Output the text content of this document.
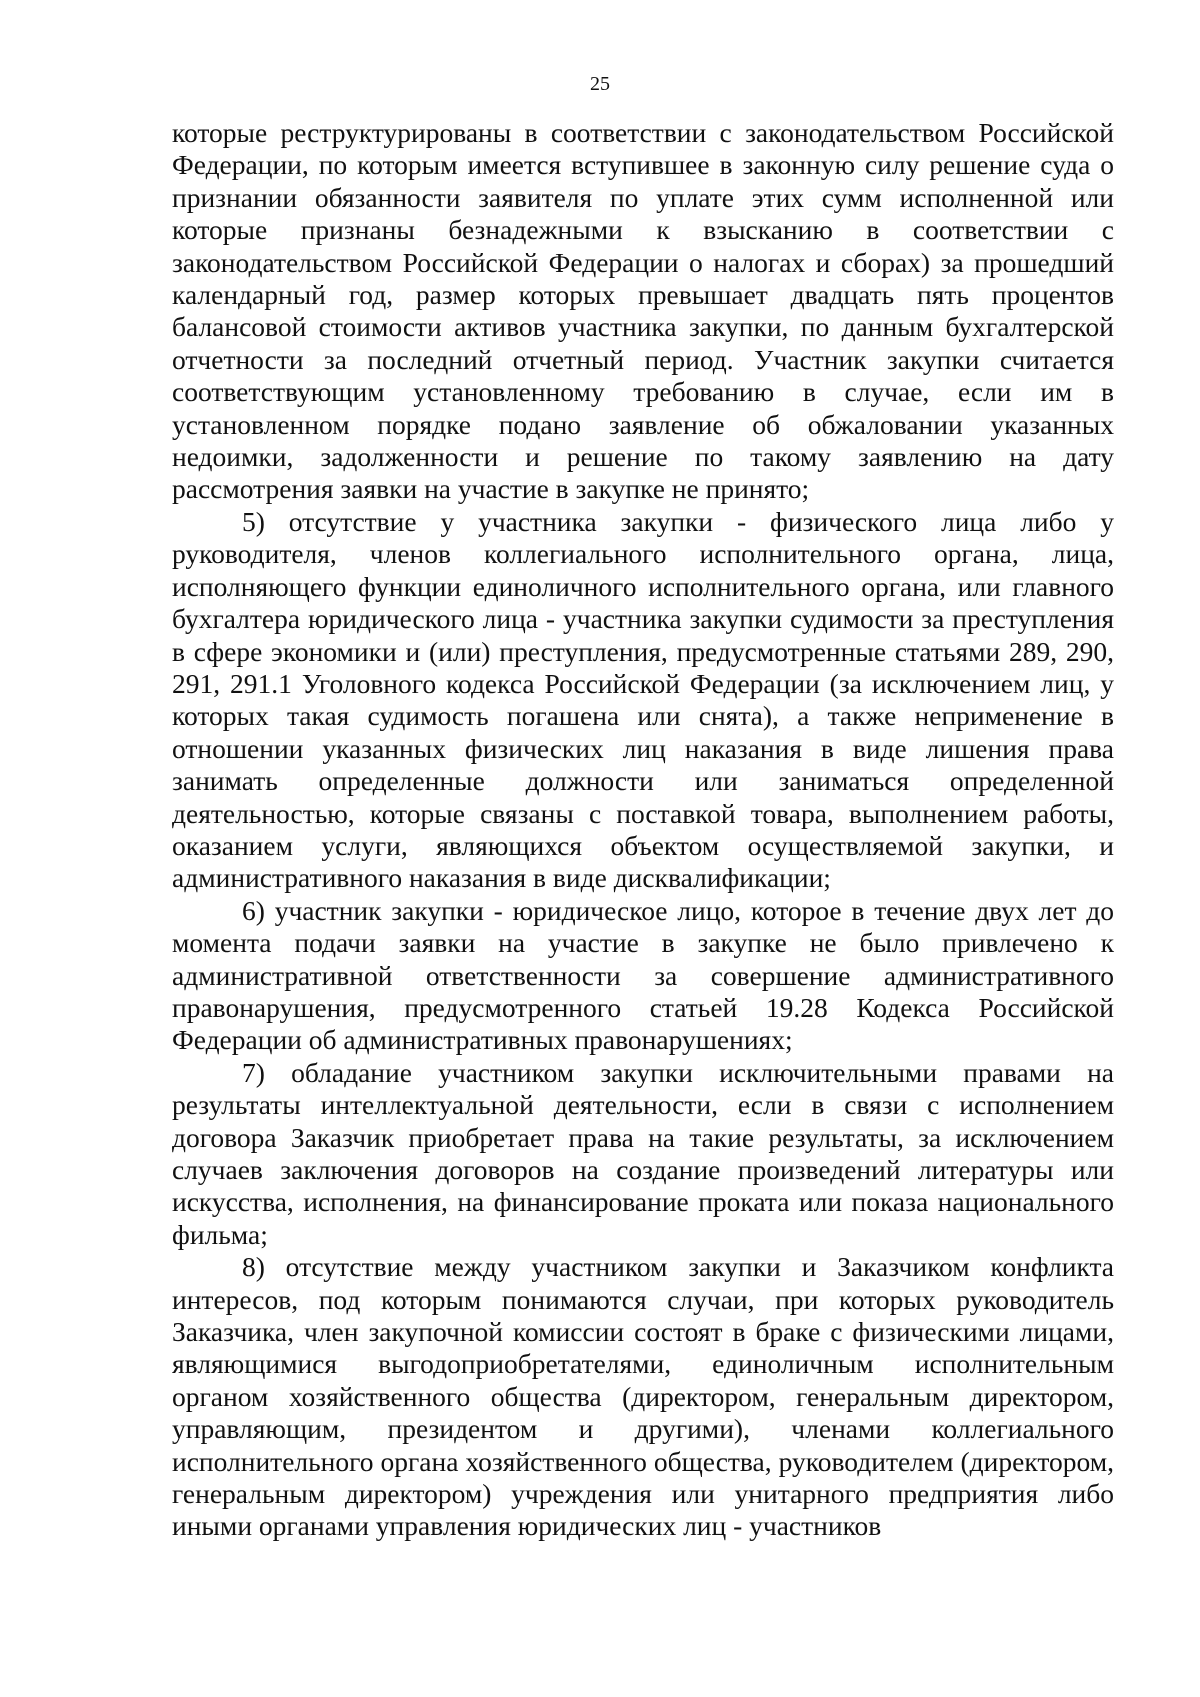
25

которые реструктурированы в соответствии с законодательством Российской Федерации, по которым имеется вступившее в законную силу решение суда о признании обязанности заявителя по уплате этих сумм исполненной или которые признаны безнадежными к взысканию в соответствии с законодательством Российской Федерации о налогах и сборах) за прошедший календарный год, размер которых превышает двадцать пять процентов балансовой стоимости активов участника закупки, по данным бухгалтерской отчетности за последний отчетный период. Участник закупки считается соответствующим установленному требованию в случае, если им в установленном порядке подано заявление об обжаловании указанных недоимки, задолженности и решение по такому заявлению на дату рассмотрения заявки на участие в закупке не принято;

5) отсутствие у участника закупки - физического лица либо у руководителя, членов коллегиального исполнительного органа, лица, исполняющего функции единоличного исполнительного органа, или главного бухгалтера юридического лица - участника закупки судимости за преступления в сфере экономики и (или) преступления, предусмотренные статьями 289, 290, 291, 291.1 Уголовного кодекса Российской Федерации (за исключением лиц, у которых такая судимость погашена или снята), а также неприменение в отношении указанных физических лиц наказания в виде лишения права занимать определенные должности или заниматься определенной деятельностью, которые связаны с поставкой товара, выполнением работы, оказанием услуги, являющихся объектом осуществляемой закупки, и административного наказания в виде дисквалификации;

6) участник закупки - юридическое лицо, которое в течение двух лет до момента подачи заявки на участие в закупке не было привлечено к административной ответственности за совершение административного правонарушения, предусмотренного статьей 19.28 Кодекса Российской Федерации об административных правонарушениях;

7) обладание участником закупки исключительными правами на результаты интеллектуальной деятельности, если в связи с исполнением договора Заказчик приобретает права на такие результаты, за исключением случаев заключения договоров на создание произведений литературы или искусства, исполнения, на финансирование проката или показа национального фильма;

8) отсутствие между участником закупки и Заказчиком конфликта интересов, под которым понимаются случаи, при которых руководитель Заказчика, член закупочной комиссии состоят в браке с физическими лицами, являющимися выгодоприобретателями, единоличным исполнительным органом хозяйственного общества (директором, генеральным директором, управляющим, президентом и другими), членами коллегиального исполнительного органа хозяйственного общества, руководителем (директором, генеральным директором) учреждения или унитарного предприятия либо иными органами управления юридических лиц - участников
